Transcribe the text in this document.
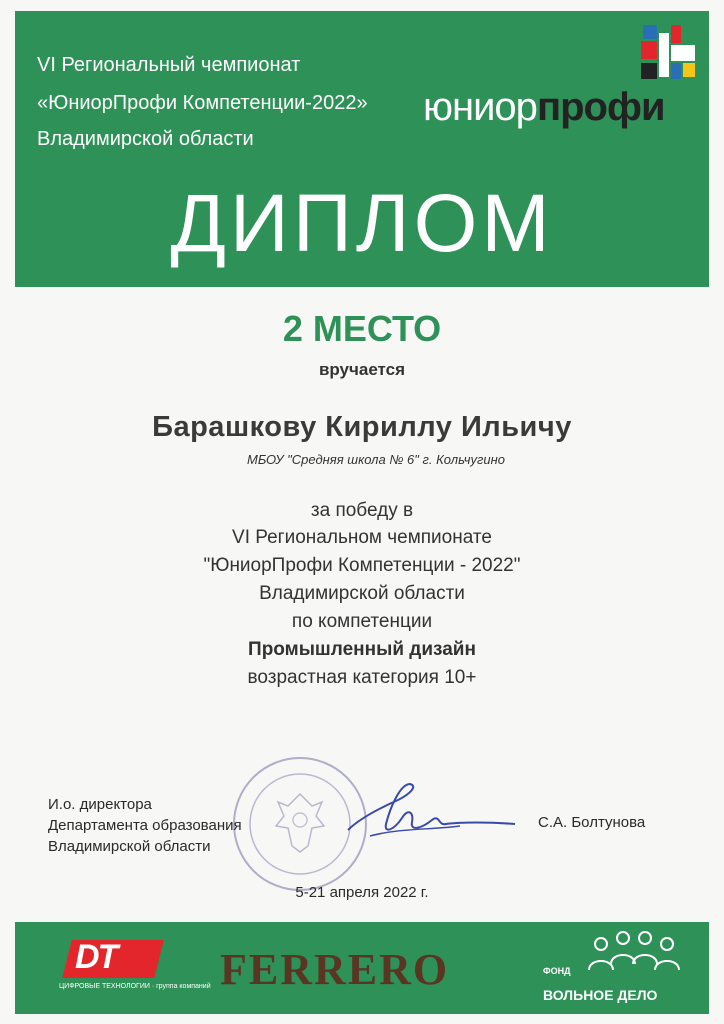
VI Региональный чемпионат
«ЮниорПрофи Компетенции-2022»
Владимирской области
юниорпрофи
ДИПЛОМ
2 МЕСТО
вручается
Барашкову Кириллу Ильичу
МБОУ "Средняя школа № 6" г. Кольчугино
за победу в
VI Региональном чемпионате
"ЮниорПрофи Компетенции - 2022"
Владимирской области
по компетенции
Промышленный дизайн
возрастная категория 10+
И.о. директора
Департамента образования
Владимирской области
С.А. Болтунова
5-21 апреля 2022 г.
DT
ЦИФРОВЫЕ ТЕХНОЛОГИИ · группа компаний FERRERO	ФОНД
ВОЛЬНОЕ ДЕЛО
